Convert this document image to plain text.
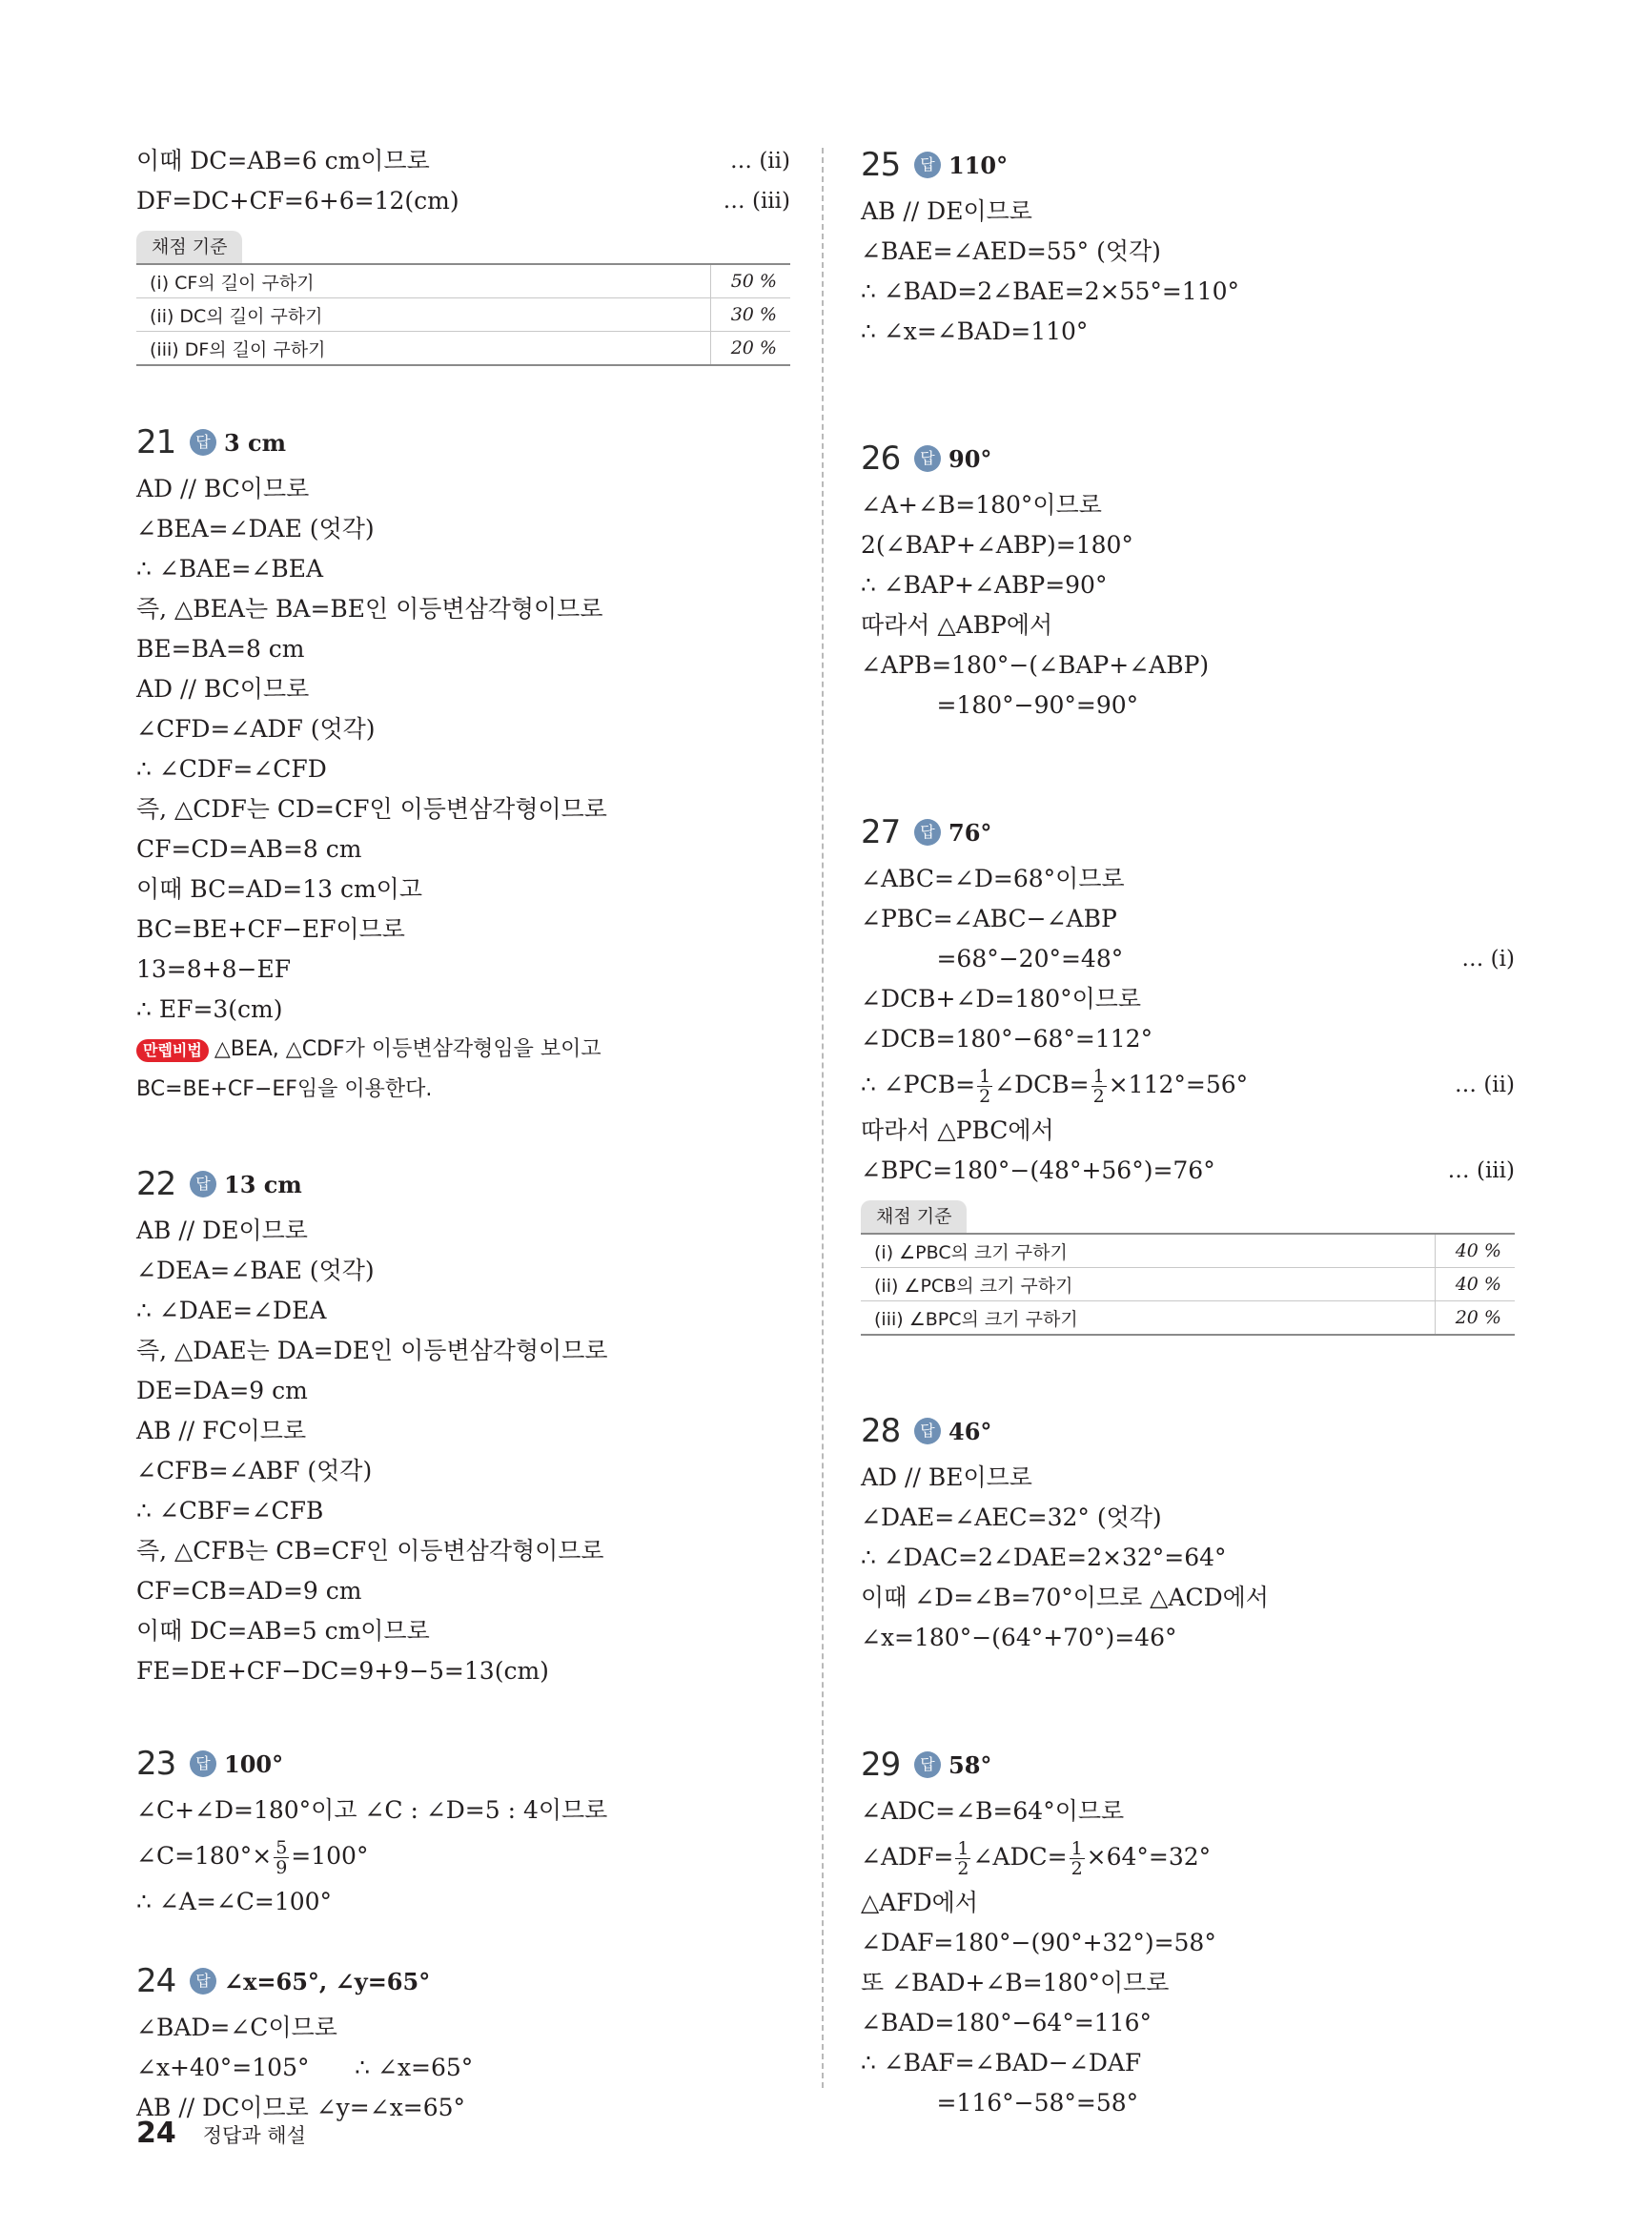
이때 DC=AB=6 cm이므로	… (ii)
DF=DC+CF=6+6=12(cm)	… (iii)
채점 기준
(i) CF의 길이 구하기	50 %
(ii) DC의 길이 구하기	30 %
(iii) DF의 길이 구하기	20 %
21	답 3 cm
AD // BC이므로
∠BEA=∠DAE (엇각)
∴ ∠BAE=∠BEA
즉, △BEA는 BA=BE인 이등변삼각형이므로
BE=BA=8 cm
AD // BC이므로
∠CFD=∠ADF (엇각)
∴ ∠CDF=∠CFD
즉, △CDF는 CD=CF인 이등변삼각형이므로
CF=CD=AB=8 cm
이때 BC=AD=13 cm이고
BC=BE+CF−EF이므로
13=8+8−EF
∴ EF=3(cm)
만렙비법 △BEA, △CDF가 이등변삼각형임을 보이고
BC=BE+CF−EF임을 이용한다.
22	답 13 cm
AB // DE이므로
∠DEA=∠BAE (엇각)
∴ ∠DAE=∠DEA
즉, △DAE는 DA=DE인 이등변삼각형이므로
DE=DA=9 cm
AB // FC이므로
∠CFB=∠ABF (엇각)
∴ ∠CBF=∠CFB
즉, △CFB는 CB=CF인 이등변삼각형이므로
CF=CB=AD=9 cm
이때 DC=AB=5 cm이므로
FE=DE+CF−DC=9+9−5=13(cm)
23	답 100°
∠C+∠D=180°이고 ∠C : ∠D=5 : 4이므로
∠C=180°× $\frac{5}{9} =100^\circ$
∴ ∠A=∠C=100°
24	답 ∠x=65°, ∠y=65°
∠BAD=∠C이므로
∠x+40°=105°      ∴ ∠x=65°
AB // DC이므로 ∠y=∠x=65°
25	답 110°
AB // DE이므로
∠BAE=∠AED=55° (엇각)
∴ ∠BAD=2∠BAE=2×55°=110°
∴ ∠x=∠BAD=110°
26	답 90°
∠A+∠B=180°이므로
2(∠BAP+∠ABP)=180°
∴ ∠BAP+∠ABP=90°
따라서 △ABP에서
∠APB=180°−(∠BAP+∠ABP)
=180°−90°=90°
27	답 76°
∠ABC=∠D=68°이므로
∠PBC=∠ABC−∠ABP
=68°−20°=48°	… (i)
∠DCB+∠D=180°이므로
∠DCB=180°−68°=112°
∴ ∠PCB= $\frac{1}{2}$ ∠DCB= $\frac{1}{2} \times 112^\circ=56^\circ$	… (ii)
따라서 △PBC에서
∠BPC=180°−(48°+56°)=76°	… (iii)
채점 기준
(i) ∠PBC의 크기 구하기	40 %
(ii) ∠PCB의 크기 구하기	40 %
(iii) ∠BPC의 크기 구하기	20 %
28	답 46°
AD // BE이므로
∠DAE=∠AEC=32° (엇각)
∴ ∠DAC=2∠DAE=2×32°=64°
이때 ∠D=∠B=70°이므로 △ACD에서
∠x=180°−(64°+70°)=46°
29	답 58°
∠ADC=∠B=64°이므로
∠ADF= $\frac{1}{2}$ ∠ADC= $\frac{1}{2} \times 64^\circ=32^\circ$
△AFD에서
∠DAF=180°−(90°+32°)=58°
또 ∠BAD+∠B=180°이므로
∠BAD=180°−64°=116°
∴ ∠BAF=∠BAD−∠DAF
=116°−58°=58°
24 정답과 해설
